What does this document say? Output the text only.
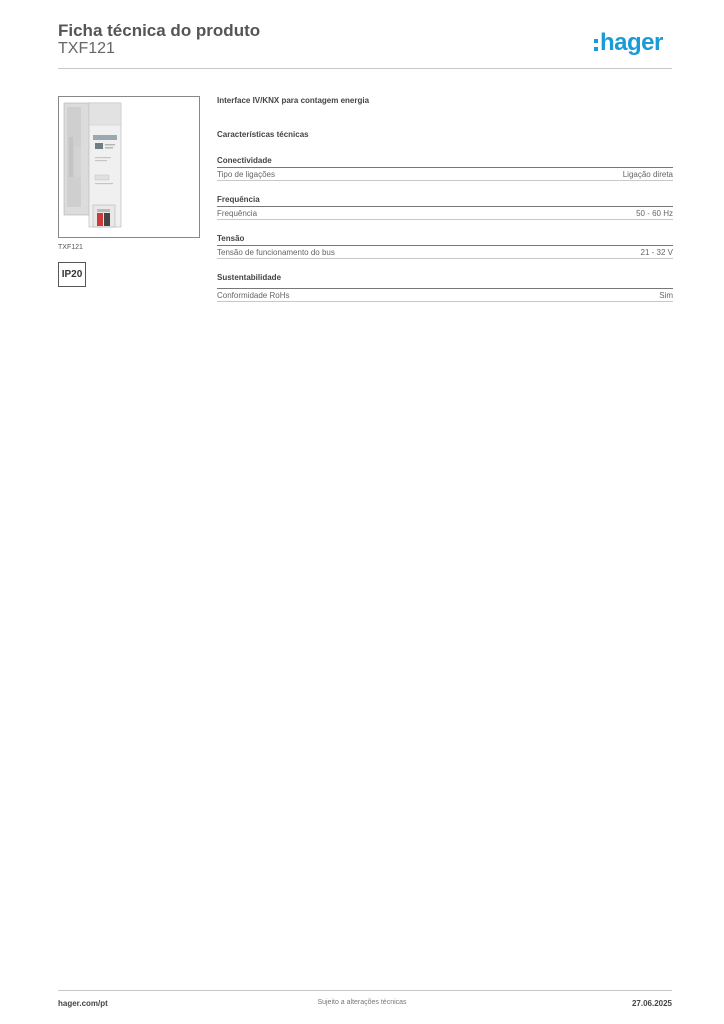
Ficha técnica do produto
TXF121	hager
TXF121
IP20
Interface IV/KNX para contagem energia
Características técnicas
Conectividade
Tipo de ligações	Ligação direta
Frequência
Frequência	50 - 60 Hz
Tensão
Tensão de funcionamento do bus	21 - 32 V
Sustentabilidade
Conformidade RoHs	Sim
hager.com/pt	Sujeito a alterações técnicas	27.06.2025
